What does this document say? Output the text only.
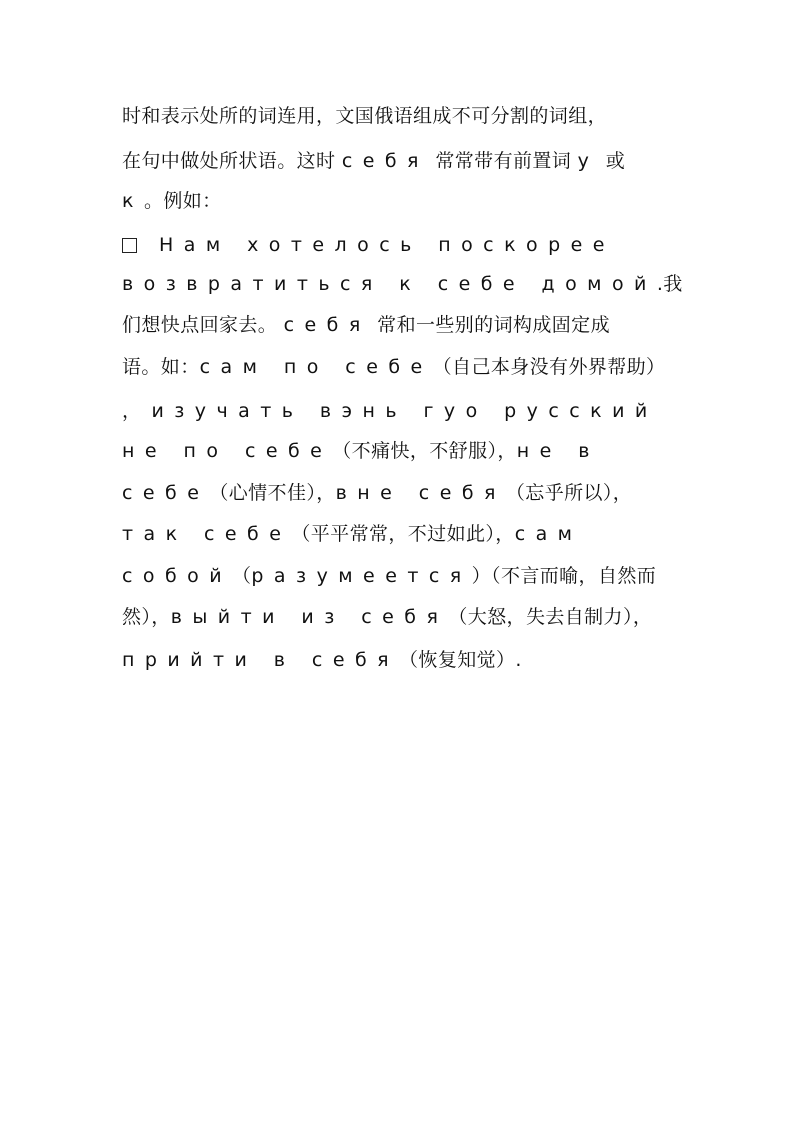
时和表示处所的词连用，文国俄语组成不可分割的词组，
在句中做处所状语。这时 себя 常常带有前置词 у 或
к。例如：
Нам хотелось поскорее
возвратиться к себе домой.我
们想快点回家去。 себя 常和一些别的词构成固定成
语。如：сам по себе（自己本身没有外界帮助）
，изучать вэнь гуо русский
не по себе（不痛快，不舒服），не в
себе（心情不佳），вне себя（忘乎所以），
так себе（平平常常，不过如此），сам
собой（разумеется）（不言而喻，自然而
然），выйти из себя（大怒，失去自制力），
прийти в себя（恢复知觉）.
